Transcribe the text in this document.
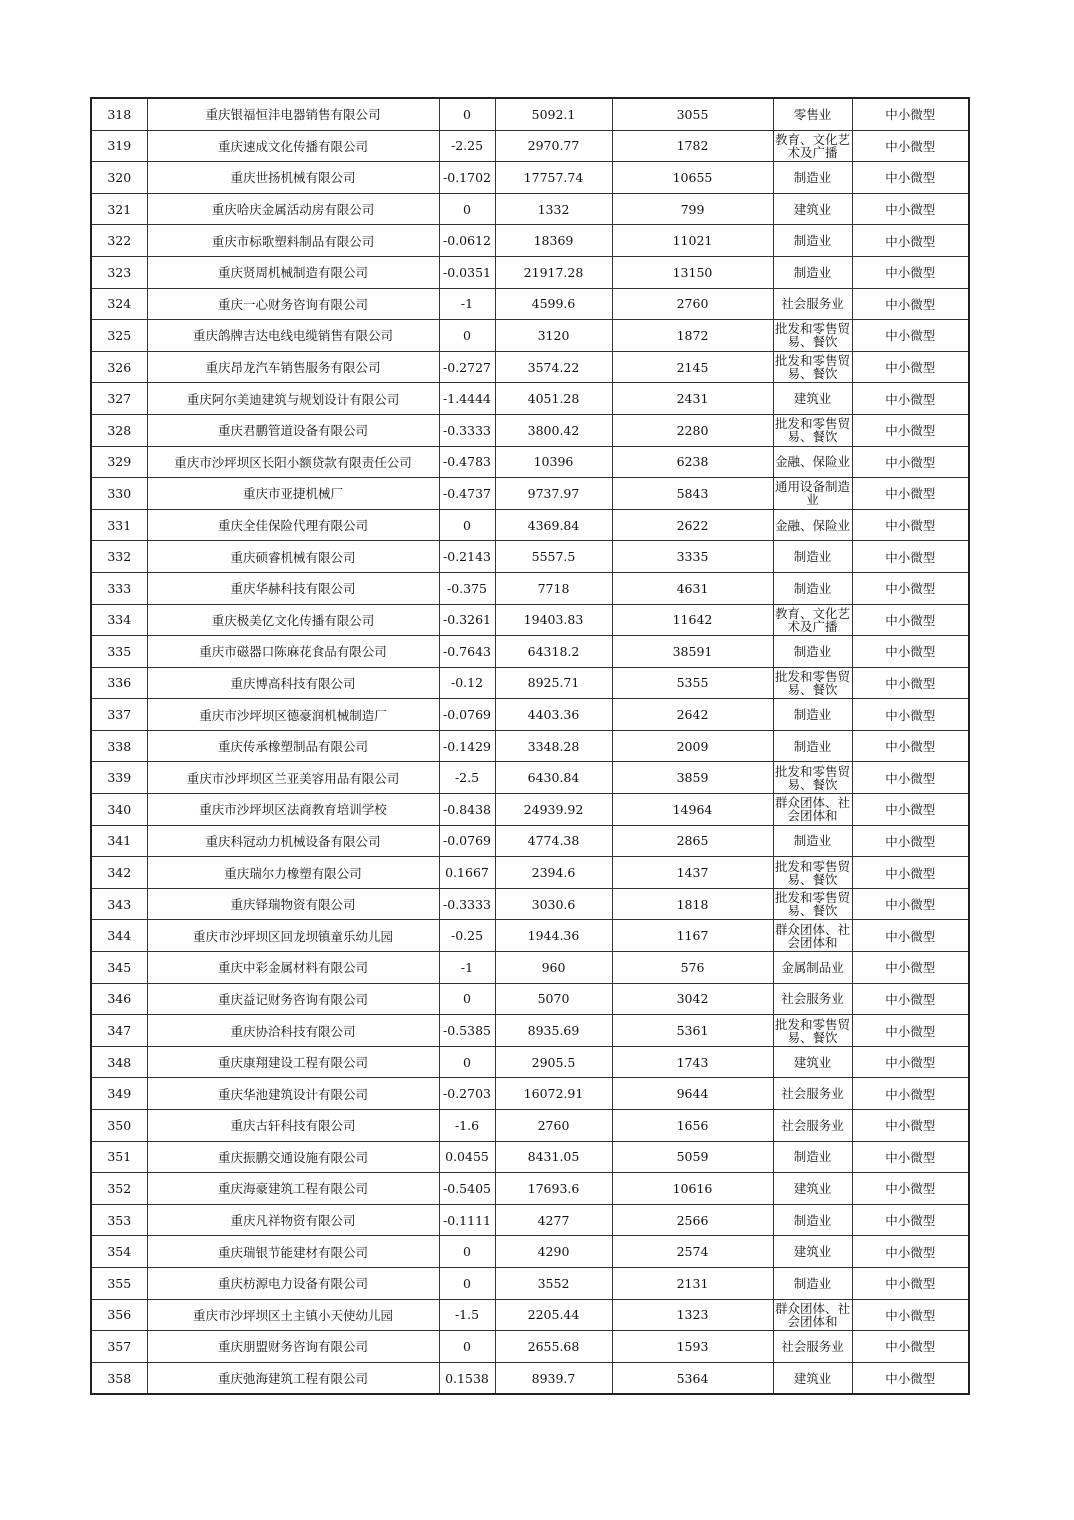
318	重庆银福恒沣电器销售有限公司	0	5092.1	3055	零售业	中小微型
319	重庆速成文化传播有限公司	-2.25	2970.77	1782	教育、文化艺术及广播	中小微型
320	重庆世扬机械有限公司	-0.1702	17757.74	10655	制造业	中小微型
321	重庆哈庆金属活动房有限公司	0	1332	799	建筑业	中小微型
322	重庆市标歌塑料制品有限公司	-0.0612	18369	11021	制造业	中小微型
323	重庆贤周机械制造有限公司	-0.0351	21917.28	13150	制造业	中小微型
324	重庆一心财务咨询有限公司	-1	4599.6	2760	社会服务业	中小微型
325	重庆鸽牌吉达电线电缆销售有限公司	0	3120	1872	批发和零售贸易、餐饮	中小微型
326	重庆昂龙汽车销售服务有限公司	-0.2727	3574.22	2145	批发和零售贸易、餐饮	中小微型
327	重庆阿尔美迪建筑与规划设计有限公司	-1.4444	4051.28	2431	建筑业	中小微型
328	重庆君鹏管道设备有限公司	-0.3333	3800.42	2280	批发和零售贸易、餐饮	中小微型
329	重庆市沙坪坝区长阳小额贷款有限责任公司	-0.4783	10396	6238	金融、保险业	中小微型
330	重庆市亚捷机械厂	-0.4737	9737.97	5843	通用设备制造业	中小微型
331	重庆全佳保险代理有限公司	0	4369.84	2622	金融、保险业	中小微型
332	重庆硕睿机械有限公司	-0.2143	5557.5	3335	制造业	中小微型
333	重庆华赫科技有限公司	-0.375	7718	4631	制造业	中小微型
334	重庆极美亿文化传播有限公司	-0.3261	19403.83	11642	教育、文化艺术及广播	中小微型
335	重庆市磁器口陈麻花食品有限公司	-0.7643	64318.2	38591	制造业	中小微型
336	重庆博高科技有限公司	-0.12	8925.71	5355	批发和零售贸易、餐饮	中小微型
337	重庆市沙坪坝区德豪润机械制造厂	-0.0769	4403.36	2642	制造业	中小微型
338	重庆传承橡塑制品有限公司	-0.1429	3348.28	2009	制造业	中小微型
339	重庆市沙坪坝区兰亚美容用品有限公司	-2.5	6430.84	3859	批发和零售贸易、餐饮	中小微型
340	重庆市沙坪坝区法商教育培训学校	-0.8438	24939.92	14964	群众团体、社会团体和	中小微型
341	重庆科冠动力机械设备有限公司	-0.0769	4774.38	2865	制造业	中小微型
342	重庆瑞尔力橡塑有限公司	0.1667	2394.6	1437	批发和零售贸易、餐饮	中小微型
343	重庆铎瑞物资有限公司	-0.3333	3030.6	1818	批发和零售贸易、餐饮	中小微型
344	重庆市沙坪坝区回龙坝镇童乐幼儿园	-0.25	1944.36	1167	群众团体、社会团体和	中小微型
345	重庆中彩金属材料有限公司	-1	960	576	金属制品业	中小微型
346	重庆益记财务咨询有限公司	0	5070	3042	社会服务业	中小微型
347	重庆协洽科技有限公司	-0.5385	8935.69	5361	批发和零售贸易、餐饮	中小微型
348	重庆康翔建设工程有限公司	0	2905.5	1743	建筑业	中小微型
349	重庆华池建筑设计有限公司	-0.2703	16072.91	9644	社会服务业	中小微型
350	重庆古轩科技有限公司	-1.6	2760	1656	社会服务业	中小微型
351	重庆振鹏交通设施有限公司	0.0455	8431.05	5059	制造业	中小微型
352	重庆海豪建筑工程有限公司	-0.5405	17693.6	10616	建筑业	中小微型
353	重庆凡祥物资有限公司	-0.1111	4277	2566	制造业	中小微型
354	重庆瑞银节能建材有限公司	0	4290	2574	建筑业	中小微型
355	重庆枋源电力设备有限公司	0	3552	2131	制造业	中小微型
356	重庆市沙坪坝区土主镇小天使幼儿园	-1.5	2205.44	1323	群众团体、社会团体和	中小微型
357	重庆朋盟财务咨询有限公司	0	2655.68	1593	社会服务业	中小微型
358	重庆弛海建筑工程有限公司	0.1538	8939.7	5364	建筑业	中小微型
